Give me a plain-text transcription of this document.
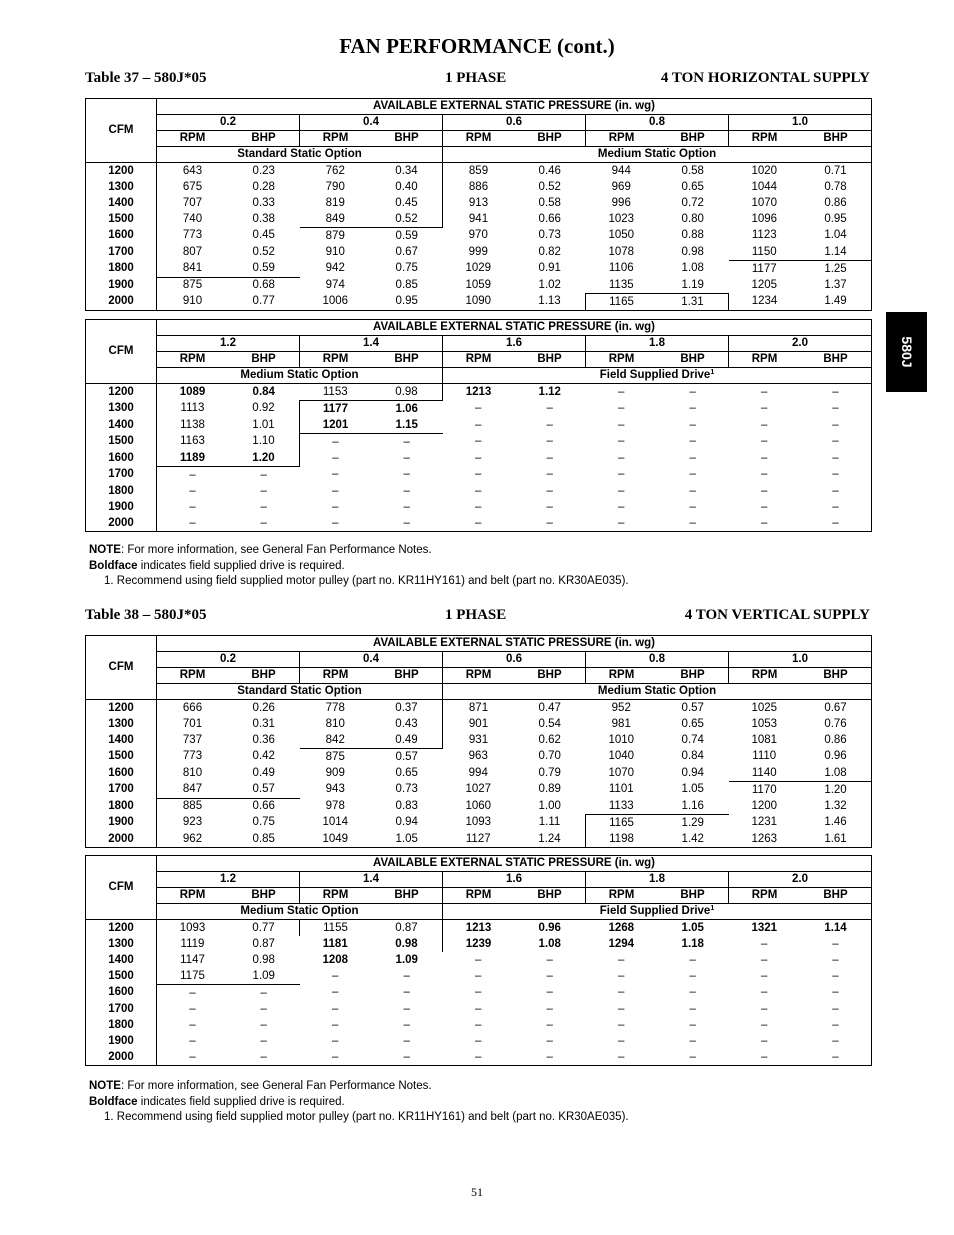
FAN PERFORMANCE (cont.)
580J
Table 37 – 580J*05	1 PHASE	4 TON HORIZONTAL SUPPLY
CFM	AVAILABLE EXTERNAL STATIC PRESSURE (in. wg)									
	0.2		0.4		0.6		0.8		1.0	
	RPM	BHP	RPM	BHP	RPM	BHP	RPM	BHP	RPM	BHP
	Standard Static Option				Medium Static Option					
1200	643	0.23	762	0.34	859	0.46	944	0.58	1020	0.71
1300	675	0.28	790	0.40	886	0.52	969	0.65	1044	0.78
1400	707	0.33	819	0.45	913	0.58	996	0.72	1070	0.86
1500	740	0.38	849	0.52	941	0.66	1023	0.80	1096	0.95
1600	773	0.45	879	0.59	970	0.73	1050	0.88	1123	1.04
1700	807	0.52	910	0.67	999	0.82	1078	0.98	1150	1.14
1800	841	0.59	942	0.75	1029	0.91	1106	1.08	1177	1.25
1900	875	0.68	974	0.85	1059	1.02	1135	1.19	1205	1.37
2000	910	0.77	1006	0.95	1090	1.13	1165	1.31	1234	1.49
CFM	AVAILABLE EXTERNAL STATIC PRESSURE (in. wg)									
	1.2		1.4		1.6		1.8		2.0	
	RPM	BHP	RPM	BHP	RPM	BHP	RPM	BHP	RPM	BHP
	Medium Static Option				Field Supplied Drive$^1$
1200	1089	0.84	1153	0.98	1213	1.12	–	–	–	–
1300	1113	0.92	1177	1.06	–	–	–	–	–	–
1400	1138	1.01	1201	1.15	–	–	–	–	–	–
1500	1163	1.10	–	–	–	–	–	–	–	–
1600	1189	1.20	–	–	–	–	–	–	–	–
1700	–	–	–	–	–	–	–	–	–	–
1800	–	–	–	–	–	–	–	–	–	–
1900	–	–	–	–	–	–	–	–	–	–
2000	–	–	–	–	–	–	–	–	–	–
NOTE: For more information, see General Fan Performance Notes.
Boldface indicates field supplied drive is required.
1. Recommend using field supplied motor pulley (part no. KR11HY161) and belt (part no. KR30AE035).
Table 38 – 580J*05	1 PHASE	4 TON VERTICAL SUPPLY
CFM	AVAILABLE EXTERNAL STATIC PRESSURE (in. wg)									
	0.2		0.4		0.6		0.8		1.0	
	RPM	BHP	RPM	BHP	RPM	BHP	RPM	BHP	RPM	BHP
	Standard Static Option				Medium Static Option					
1200	666	0.26	778	0.37	871	0.47	952	0.57	1025	0.67
1300	701	0.31	810	0.43	901	0.54	981	0.65	1053	0.76
1400	737	0.36	842	0.49	931	0.62	1010	0.74	1081	0.86
1500	773	0.42	875	0.57	963	0.70	1040	0.84	1110	0.96
1600	810	0.49	909	0.65	994	0.79	1070	0.94	1140	1.08
1700	847	0.57	943	0.73	1027	0.89	1101	1.05	1170	1.20
1800	885	0.66	978	0.83	1060	1.00	1133	1.16	1200	1.32
1900	923	0.75	1014	0.94	1093	1.11	1165	1.29	1231	1.46
2000	962	0.85	1049	1.05	1127	1.24	1198	1.42	1263	1.61
CFM	AVAILABLE EXTERNAL STATIC PRESSURE (in. wg)									
	1.2		1.4		1.6		1.8		2.0	
	RPM	BHP	RPM	BHP	RPM	BHP	RPM	BHP	RPM	BHP
	Medium Static Option				Field Supplied Drive$^1$
1200	1093	0.77	1155	0.87	1213	0.96	1268	1.05	1321	1.14
1300	1119	0.87	1181	0.98	1239	1.08	1294	1.18	–	–
1400	1147	0.98	1208	1.09	–	–	–	–	–	–
1500	1175	1.09	–	–	–	–	–	–	–	–
1600	–	–	–	–	–	–	–	–	–	–
1700	–	–	–	–	–	–	–	–	–	–
1800	–	–	–	–	–	–	–	–	–	–
1900	–	–	–	–	–	–	–	–	–	–
2000	–	–	–	–	–	–	–	–	–	–
NOTE: For more information, see General Fan Performance Notes.
Boldface indicates field supplied drive is required.
1. Recommend using field supplied motor pulley (part no. KR11HY161) and belt (part no. KR30AE035).
51
